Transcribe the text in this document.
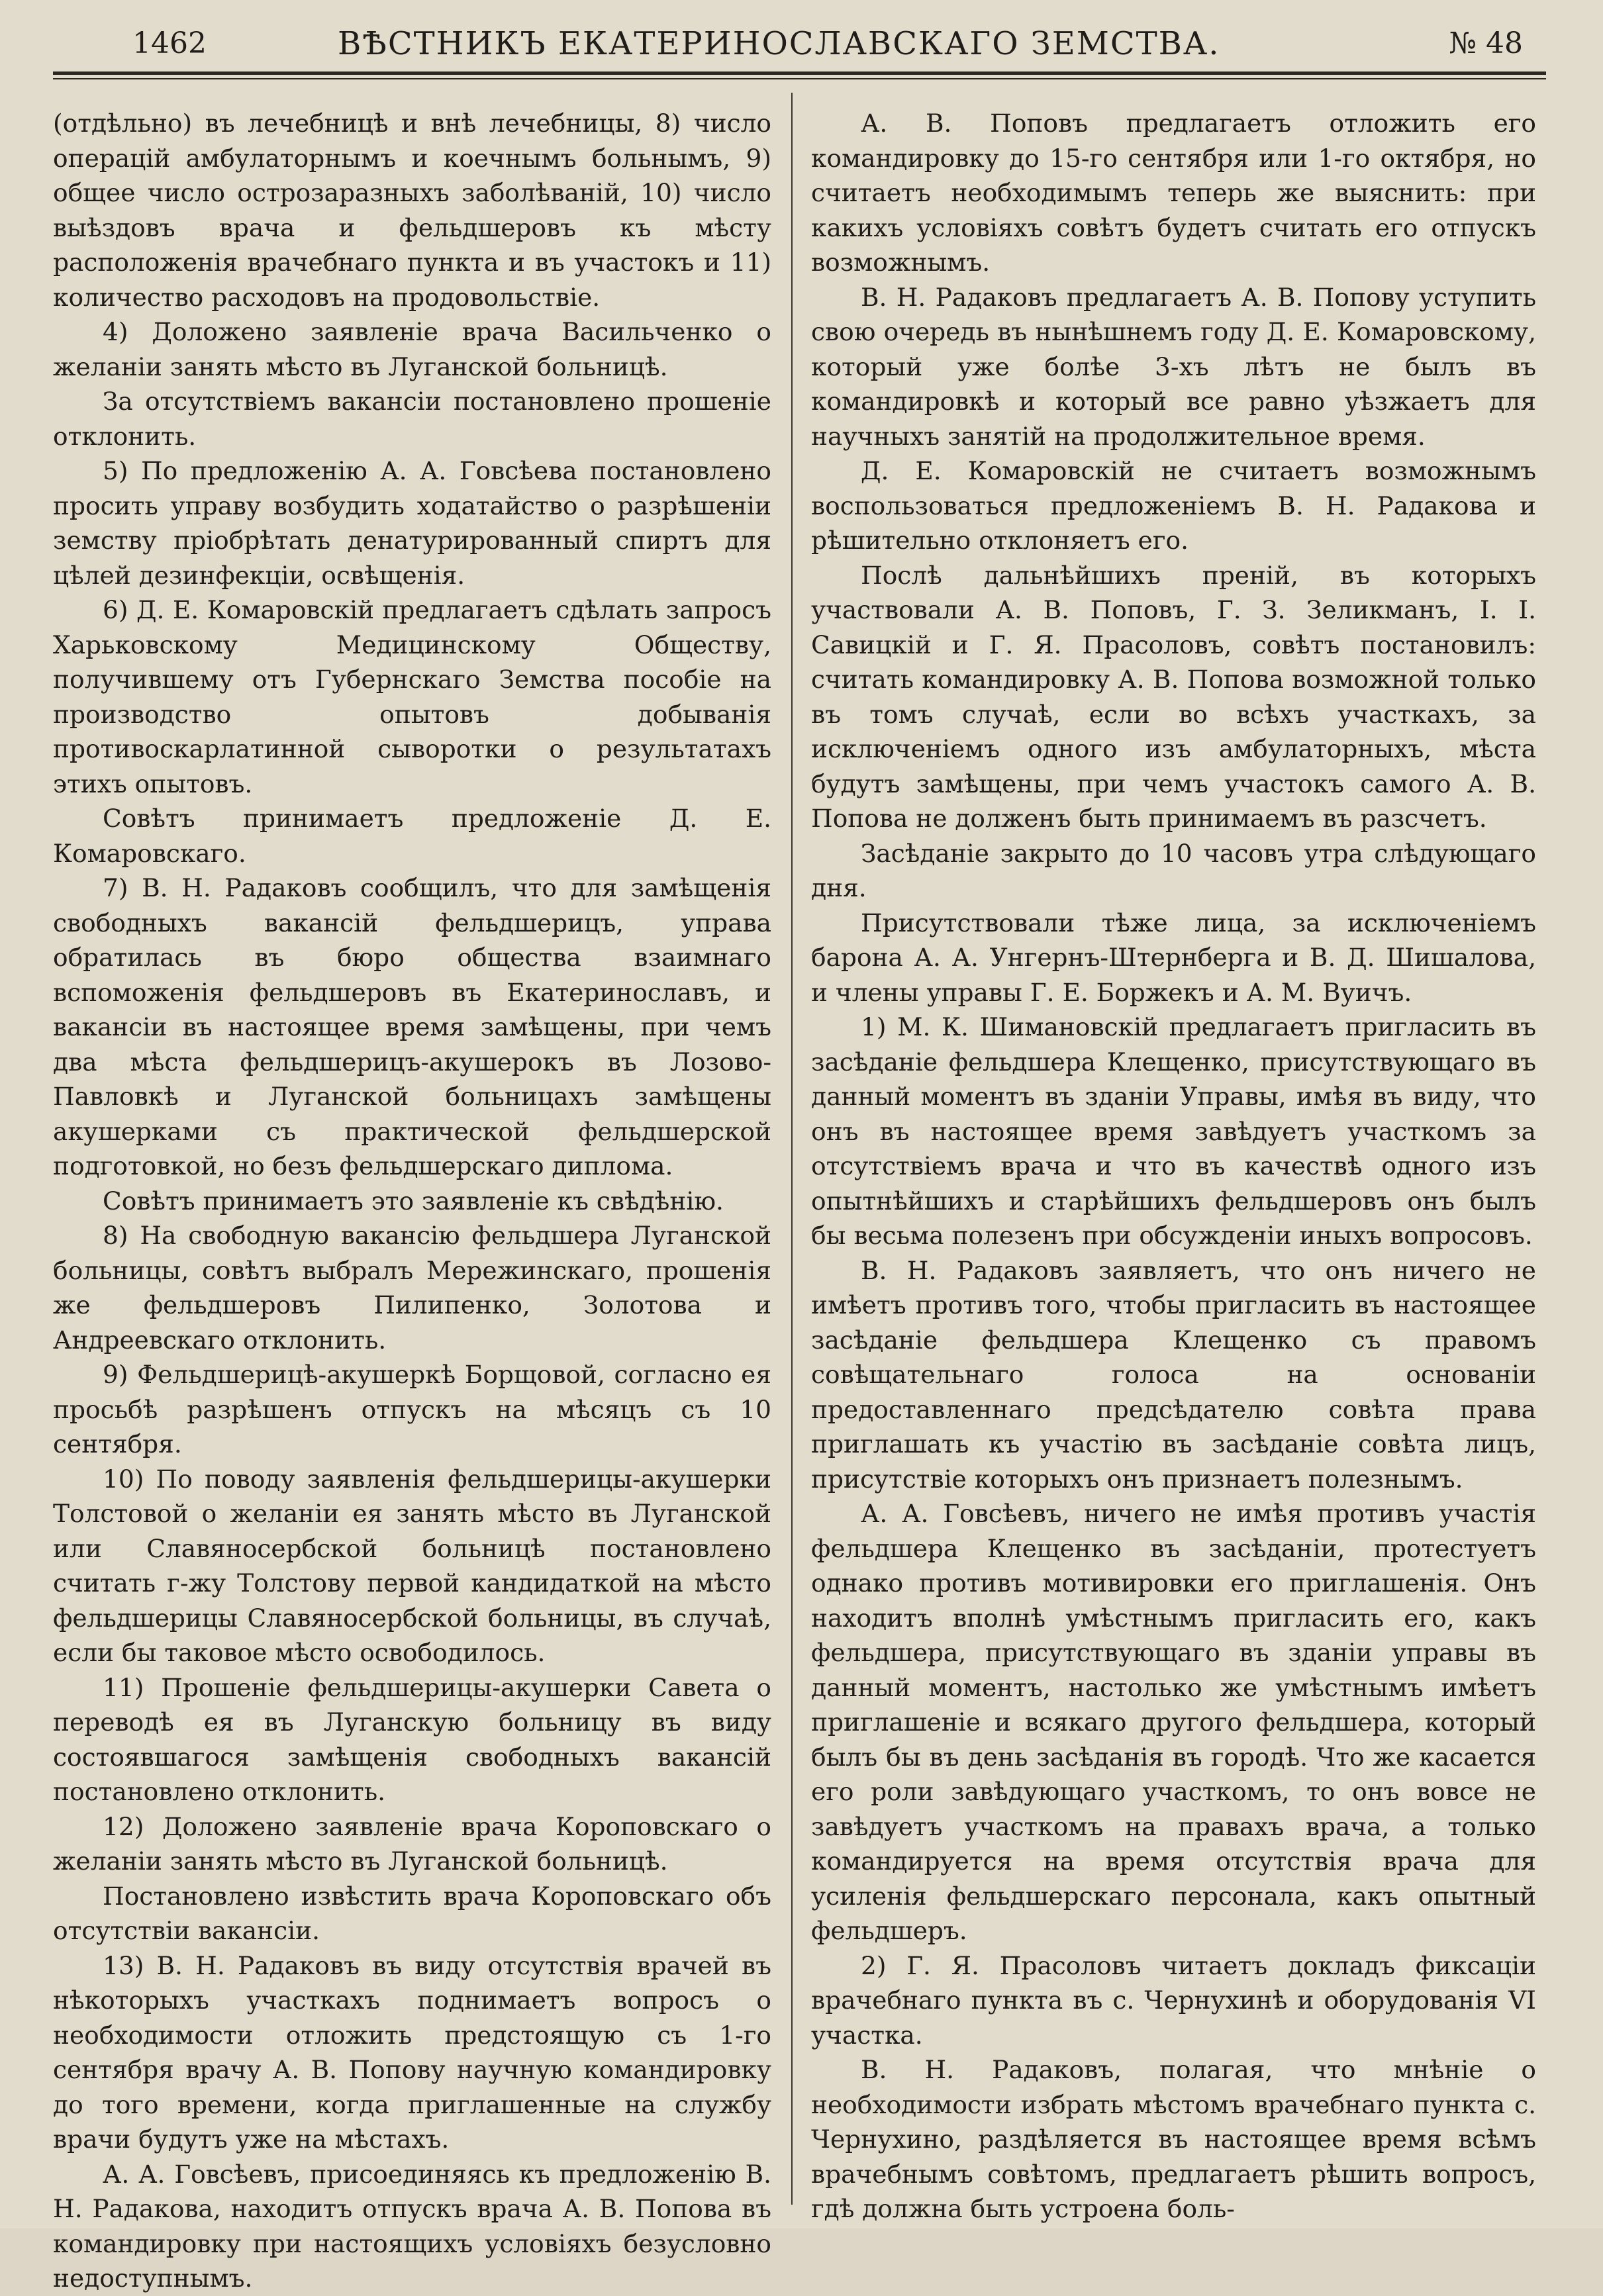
1462	ВѢСТНИКЪ ЕКАТЕРИНОСЛАВСКАГО ЗЕМСТВА.	№ 48

(отдѣльно) въ лечебницѣ и внѣ лечебницы, 8) число операцій амбулаторнымъ и коечнымъ больнымъ, 9) общее число острозаразныхъ заболѣваній, 10) число выѣздовъ врача и фельдшеровъ къ мѣсту расположенія врачебнаго пункта и въ участокъ и 11) количество расходовъ на продовольствіе.

4) Доложено заявленіе врача Васильченко о желаніи занять мѣсто въ Луганской больницѣ.

За отсутствіемъ вакансіи постановлено прошеніе отклонить.

5) По предложенію А. А. Говсѣева постановлено просить управу возбудить ходатайство о разрѣшеніи земству пріобрѣтать денатурированный спиртъ для цѣлей дезинфекціи, освѣщенія.

6) Д. Е. Комаровскій предлагаетъ сдѣлать запросъ Харьковскому Медицинскому Обществу, получившему отъ Губернскаго Земства пособіе на производство опытовъ добыванія противоскарлатинной сыворотки о результатахъ этихъ опытовъ.

Совѣтъ принимаетъ предложеніе Д. Е. Комаровскаго.

7) В. Н. Радаковъ сообщилъ, что для замѣщенія свободныхъ вакансій фельдшерицъ, управа обратилась въ бюро общества взаимнаго вспоможенія фельдшеровъ въ Екатеринославъ, и вакансіи въ настоящее время замѣщены, при чемъ два мѣста фельдшерицъ-акушерокъ въ Лозово-Павловкѣ и Луганской больницахъ замѣщены акушерками съ практической фельдшерской подготовкой, но безъ фельдшерскаго диплома.

Совѣтъ принимаетъ это заявленіе къ свѣдѣнію.

8) На свободную вакансію фельдшера Луганской больницы, совѣтъ выбралъ Мережинскаго, прошенія же фельдшеровъ Пилипенко, Золотова и Андреевскаго отклонить.

9) Фельдшерицѣ-акушеркѣ Борщовой, согласно ея просьбѣ разрѣшенъ отпускъ на мѣсяцъ съ 10 сентября.

10) По поводу заявленія фельдшерицы-акушерки Толстовой о желаніи ея занять мѣсто въ Луганской или Славяносербской больницѣ постановлено считать г-жу Толстову первой кандидаткой на мѣсто фельдшерицы Славяносербской больницы, въ случаѣ, если бы таковое мѣсто освободилось.

11) Прошеніе фельдшерицы-акушерки Савета о переводѣ ея въ Луганскую больницу въ виду состоявшагося замѣщенія свободныхъ вакансій постановлено отклонить.

12) Доложено заявленіе врача Короповскаго о желаніи занять мѣсто въ Луганской больницѣ.

Постановлено извѣстить врача Короповскаго объ отсутствіи вакансіи.

13) В. Н. Радаковъ въ виду отсутствія врачей въ нѣкоторыхъ участкахъ поднимаетъ вопросъ о необходимости отложить предстоящую съ 1-го сентября врачу А. В. Попову научную командировку до того времени, когда приглашенные на службу врачи будутъ уже на мѣстахъ.

А. А. Говсѣевъ, присоединяясь къ предложенію В. Н. Радакова, находитъ отпускъ врача А. В. Попова въ командировку при настоящихъ условіяхъ безусловно недоступнымъ.

А. В. Поповъ предлагаетъ отложить его командировку до 15-го сентября или 1-го октября, но считаетъ необходимымъ теперь же выяснить: при какихъ условіяхъ совѣтъ будетъ считать его отпускъ возможнымъ.

В. Н. Радаковъ предлагаетъ А. В. Попову уступить свою очередь въ нынѣшнемъ году Д. Е. Комаровскому, который уже болѣе 3-хъ лѣтъ не былъ въ командировкѣ и который все равно уѣзжаетъ для научныхъ занятій на продолжительное время.

Д. Е. Комаровскій не считаетъ возможнымъ воспользоваться предложеніемъ В. Н. Радакова и рѣшительно отклоняетъ его.

Послѣ дальнѣйшихъ преній, въ которыхъ участвовали А. В. Поповъ, Г. З. Зеликманъ, І. І. Савицкій и Г. Я. Прасоловъ, совѣтъ постановилъ: считать командировку А. В. Попова возможной только въ томъ случаѣ, если во всѣхъ участкахъ, за исключеніемъ одного изъ амбулаторныхъ, мѣста будутъ замѣщены, при чемъ участокъ самого А. В. Попова не долженъ быть принимаемъ въ разсчетъ.

Засѣданіе закрыто до 10 часовъ утра слѣдующаго дня.

Присутствовали тѣже лица, за исключеніемъ барона А. А. Унгернъ-Штернберга и В. Д. Шишалова, и члены управы Г. Е. Боржекъ и А. М. Вуичъ.

1) М. К. Шимановскій предлагаетъ пригласить въ засѣданіе фельдшера Клещенко, присутствующаго въ данный моментъ въ зданіи Управы, имѣя въ виду, что онъ въ настоящее время завѣдуетъ участкомъ за отсутствіемъ врача и что въ качествѣ одного изъ опытнѣйшихъ и старѣйшихъ фельдшеровъ онъ былъ бы весьма полезенъ при обсужденіи иныхъ вопросовъ.

В. Н. Радаковъ заявляетъ, что онъ ничего не имѣетъ противъ того, чтобы пригласить въ настоящее засѣданіе фельдшера Клещенко съ правомъ совѣщательнаго голоса на основаніи предоставленнаго предсѣдателю совѣта права приглашать къ участію въ засѣданіе совѣта лицъ, присутствіе которыхъ онъ признаетъ полезнымъ.

А. А. Говсѣевъ, ничего не имѣя противъ участія фельдшера Клещенко въ засѣданіи, протестуетъ однако противъ мотивировки его приглашенія. Онъ находитъ вполнѣ умѣстнымъ пригласить его, какъ фельдшера, присутствующаго въ зданіи управы въ данный моментъ, настолько же умѣстнымъ имѣетъ приглашеніе и всякаго другого фельдшера, который былъ бы въ день засѣданія въ городѣ. Что же касается его роли завѣдующаго участкомъ, то онъ вовсе не завѣдуетъ участкомъ на правахъ врача, а только командируется на время отсутствія врача для усиленія фельдшерскаго персонала, какъ опытный фельдшеръ.

2) Г. Я. Прасоловъ читаетъ докладъ фиксаціи врачебнаго пункта въ с. Чернухинѣ и оборудованія VI участка.

В. Н. Радаковъ, полагая, что мнѣніе о необходимости избрать мѣстомъ врачебнаго пункта с. Чернухино, раздѣляется въ настоящее время всѣмъ врачебнымъ совѣтомъ, предлагаетъ рѣшить вопросъ, гдѣ должна быть устроена боль-
